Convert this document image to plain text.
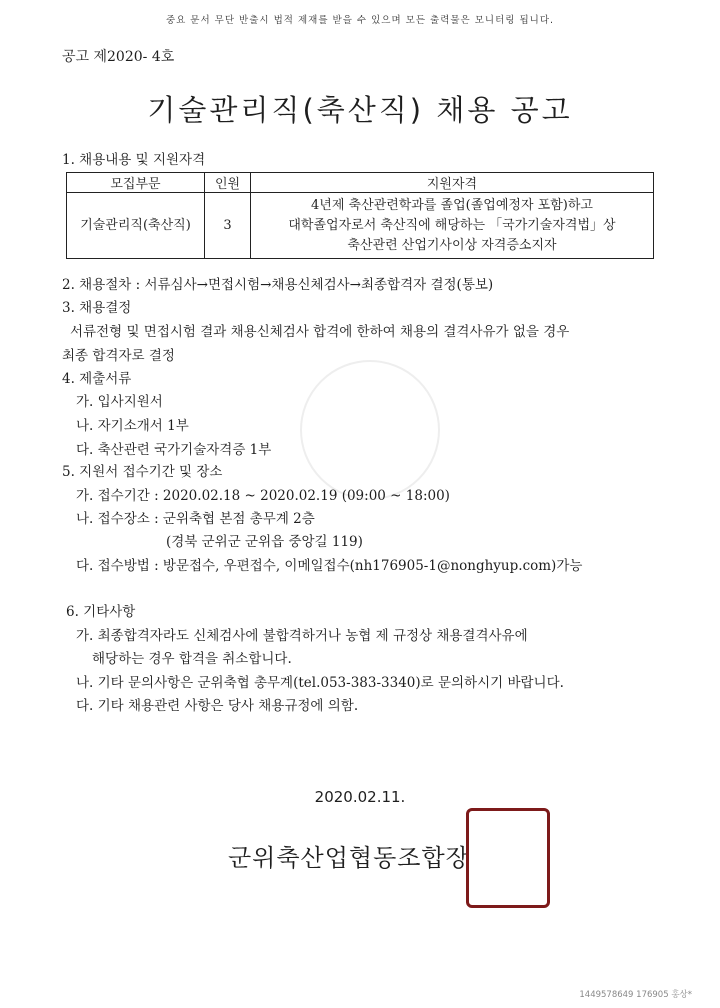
중요 문서 무단 반출시 법적 제재를 받을 수 있으며 모든 출력물은 모니터링 됩니다.
공고 제2020- 4호
기술관리직(축산직) 채용 공고
1. 채용내용 및 지원자격
모집부문	인원	지원자격
기술관리직(축산직)	3	4년제 축산관련학과를 졸업(졸업예정자 포함)하고
대학졸업자로서 축산직에 해당하는 「국가기술자격법」상
축산관련 산업기사이상 자격증소지자
2. 채용절차 : 서류심사→면접시험→채용신체검사→최종합격자 결정(통보)
3. 채용결정
서류전형 및 면접시험 결과 채용신체검사 합격에 한하여 채용의 결격사유가 없을 경우
최종 합격자로 결정
4. 제출서류
가. 입사지원서
나. 자기소개서 1부
다. 축산관련 국가기술자격증 1부
5. 지원서 접수기간 및 장소
가. 접수기간 : 2020.02.18 ~ 2020.02.19 (09:00 ~ 18:00)
나. 접수장소 : 군위축협 본점 총무계 2층
(경북 군위군 군위읍 중앙길 119)
다. 접수방법 : 방문접수, 우편접수, 이메일접수(nh176905-1@nonghyup.com)가능
6. 기타사항
가. 최종합격자라도 신체검사에 불합격하거나 농협 제 규정상 채용결격사유에
해당하는 경우 합격을 취소합니다.
나. 기타 문의사항은 군위축협 총무계(tel.053-383-3340)로 문의하시기 바랍니다.
다. 기타 채용관련 사항은 당사 채용규정에 의함.
2020.02.11.
군위축산업협동조합장
1449578649 176905 홍상*
